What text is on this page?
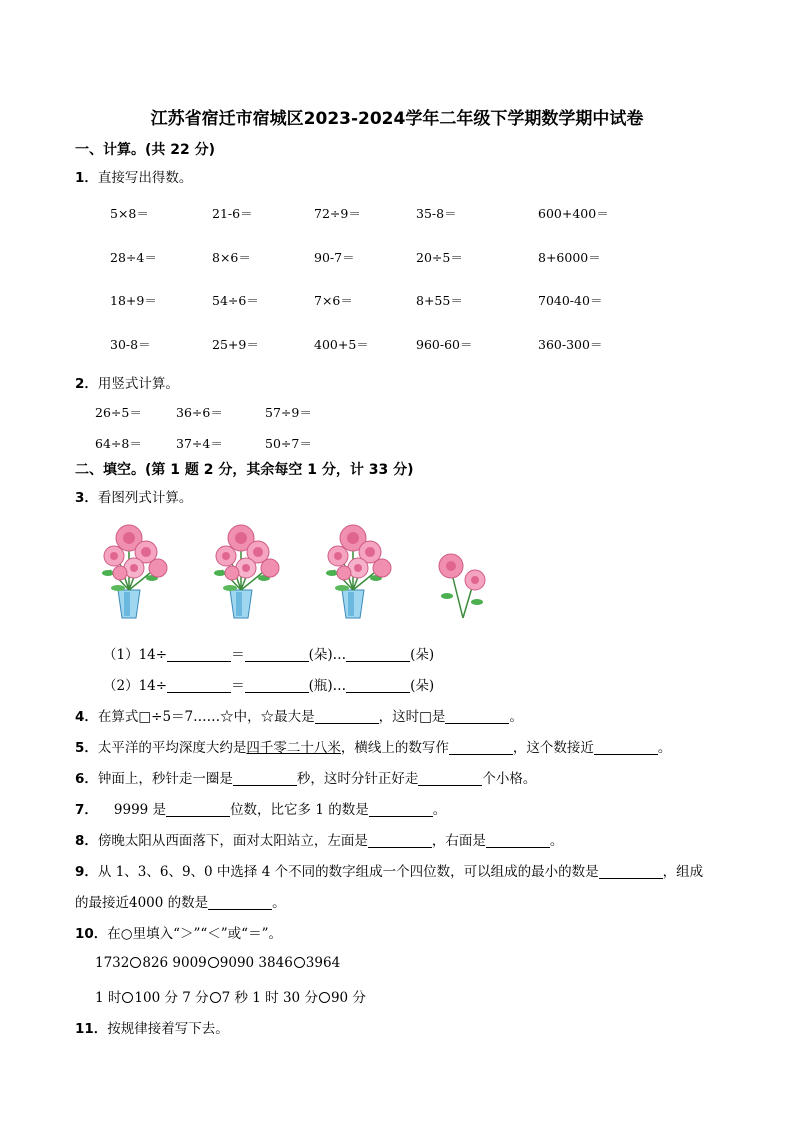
江苏省宿迁市宿城区2023-2024学年二年级下学期数学期中试卷
一、计算。(共 22 分)
1．直接写出得数。
2．用竖式计算。
二、填空。(第 1 题 2 分，其余每空 1 分，计 33 分)
3．看图列式计算。
（1）14÷	＝	(朵)…	(朵)
（2）14÷	＝	(瓶)…	(朵)
4．在算式□÷5＝7……☆中，☆最大是	，这时□是	。
5．太平洋的平均深度大约是四千零二十八米，横线上的数写作	，这个数接近	。
6．钟面上，秒针走一圈是	秒，这时分针正好走	个小格。
7． 9999 是	位数，比它多 1 的数是	。
8．傍晚太阳从西面落下，面对太阳站立，左面是	，右面是	。
9．从 1、3、6、9、0 中选择 4 个不同的数字组成一个四位数，可以组成的最小的数是	，组成
的最接近4000 的数是	。
10．在○里填入“＞”“＜”或“＝”。
1732 826 9009 9090 3846 3964
1 时 100 分 7 分 7 秒 1 时 30 分 90 分
11．按规律接着写下去。
5×8＝	21-6＝	72÷9＝	35-8＝	600+400＝
28÷4＝	8×6＝	90-7＝	20÷5＝	8+6000＝
18+9＝	54÷6＝	7×6＝	8+55＝	7040-40＝
30-8＝	25+9＝	400+5＝	960-60＝	360-300＝
26÷5＝	36÷6＝	57÷9＝
64÷8＝	37÷4＝	50÷7＝
